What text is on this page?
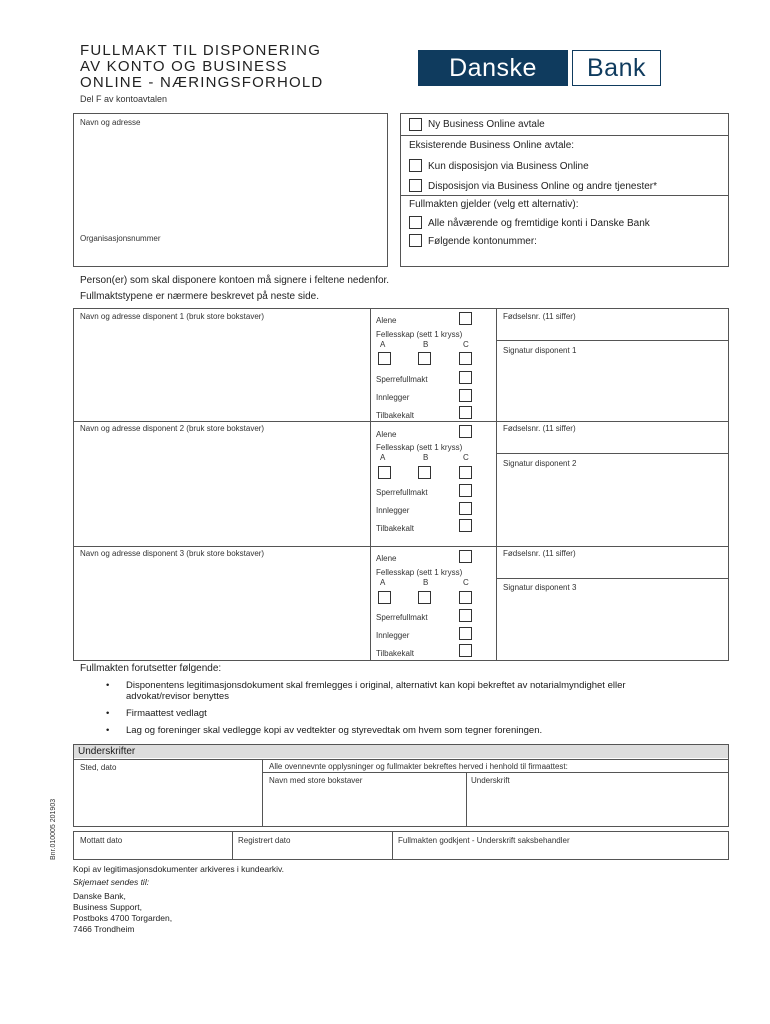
FULLMAKT TIL DISPONERING
AV KONTO OG BUSINESS
ONLINE - NÆRINGSFORHOLD
Del F av kontoavtalen
Danske	Bank
Navn og adresse
Organisasjonsnummer
Ny Business Online avtale
Eksisterende Business Online avtale:
Kun disposisjon via Business Online
Disposisjon via Business Online og andre tjenester*
Fullmakten gjelder (velg ett alternativ):
Alle nåværende og fremtidige konti i Danske Bank
Følgende kontonummer:
Person(er) som skal disponere kontoen må signere i feltene nedenfor.
Fullmaktstypene er nærmere beskrevet på neste side.
Navn og adresse disponent 1 (bruk store bokstaver)	Alene
Fellesskap (sett 1 kryss)
A	B	C
Sperrefullmakt
Innlegger
Tilbakekalt
Fødselsnr. (11 siffer)
Signatur disponent 1
Navn og adresse disponent 2 (bruk store bokstaver)
Alene
Fellesskap (sett 1 kryss)
A	B	C
Sperrefullmakt
Innlegger
Tilbakekalt
Fødselsnr. (11 siffer)
Signatur disponent 2
Navn og adresse disponent 3 (bruk store bokstaver)
Alene
Fellesskap (sett 1 kryss)
A	B	C
Sperrefullmakt
Innlegger
Tilbakekalt
Fødselsnr. (11 siffer)
Signatur disponent 3
Fullmakten forutsetter følgende:
• Disponentens legitimasjonsdokument skal fremlegges i original, alternativt kan kopi bekreftet av notarialmyndighet eller advokat/revisor benyttes
• Firmaattest vedlagt
• Lag og foreninger skal vedlegge kopi av vedtekter og styrevedtak om hvem som tegner foreningen.
Underskrifter
Sted, dato	Alle ovennevnte opplysninger og fullmakter bekreftes herved i henhold til firmaattest:
Navn med store bokstaver	Underskrift
Mottatt dato	Registrert dato	Fullmakten godkjent - Underskrift saksbehandler
Bnr.010005 201903
Kopi av legitimasjonsdokumenter arkiveres i kundearkiv.
Skjemaet sendes til:
Danske Bank,
Business Support,
Postboks 4700 Torgarden,
7466 Trondheim
